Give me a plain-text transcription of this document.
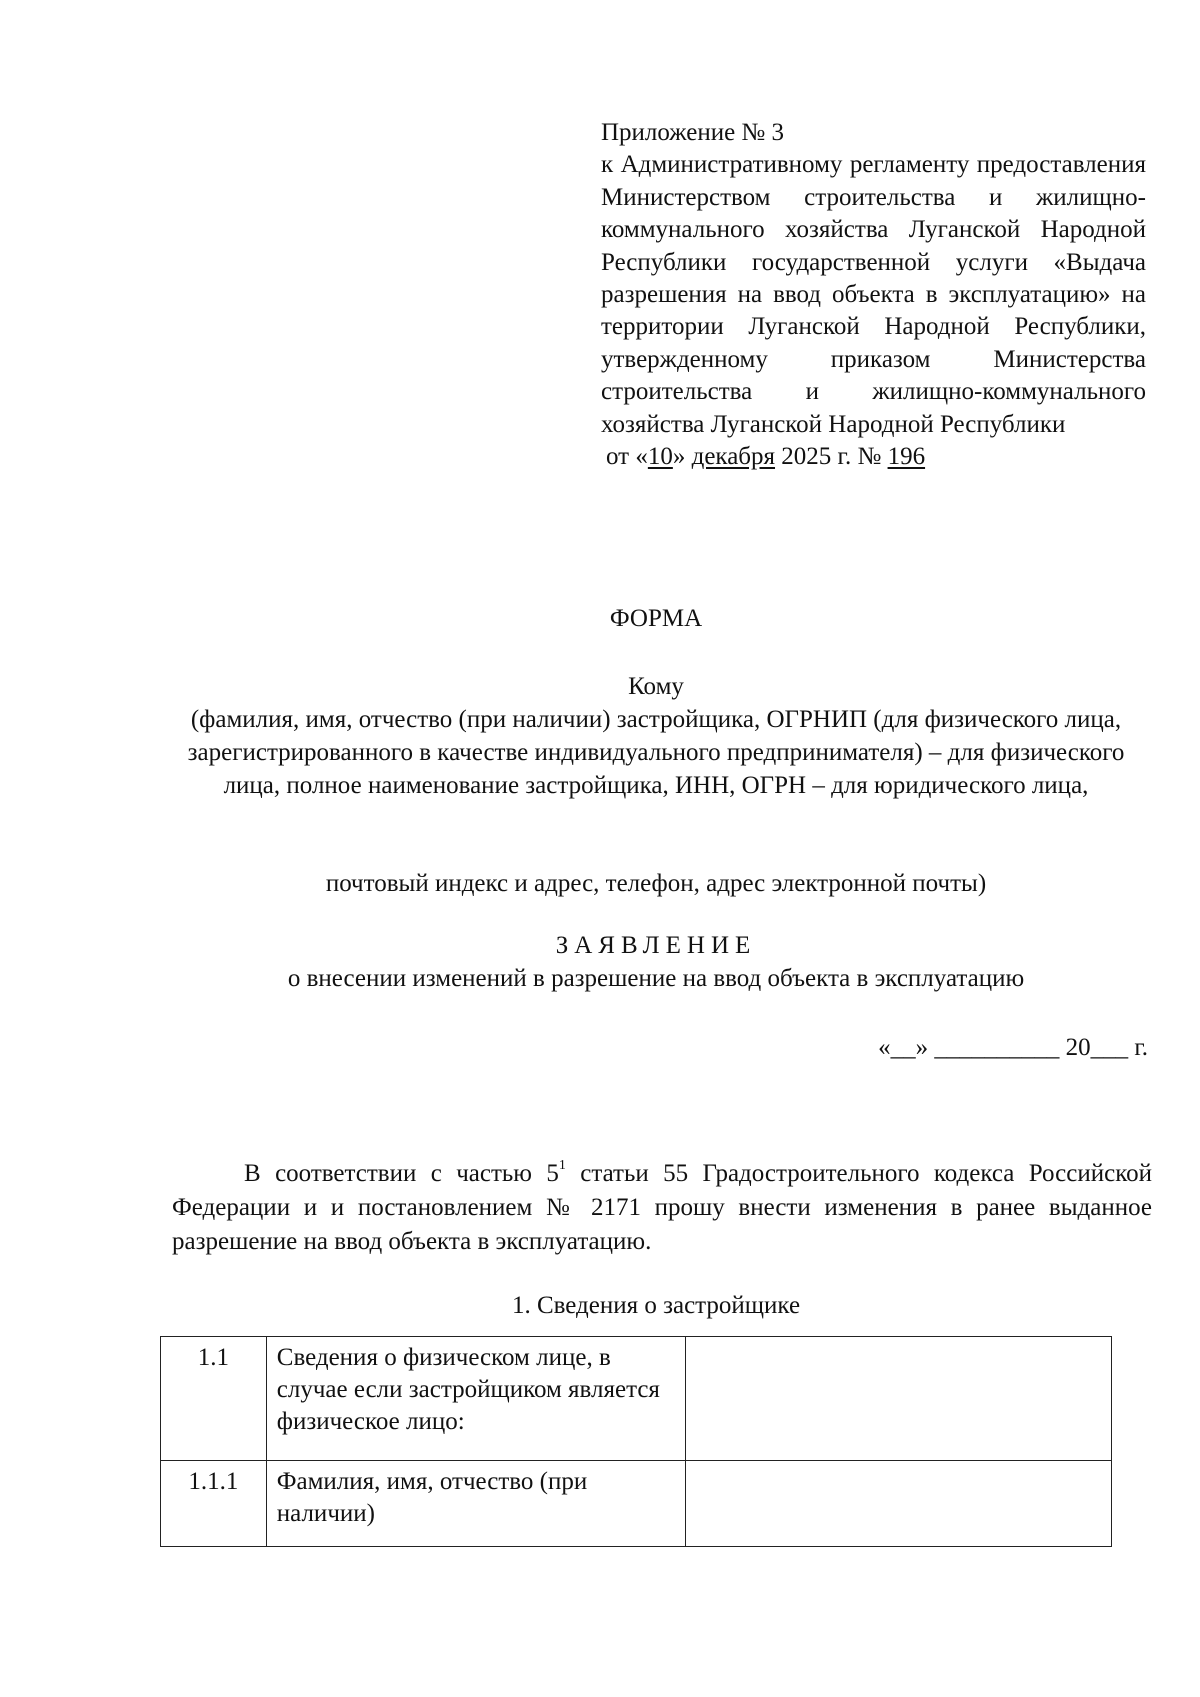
Приложение № 3

к Административному регламенту предоставления Министерством строительства и жилищно-коммунального хозяйства Луганской Народной Республики государственной услуги «Выдача разрешения на ввод объекта в эксплуатацию» на территории Луганской Народной Республики, утвержденному приказом Министерства строительства и жилищно-коммунального хозяйства Луганской Народной Республики

от «10» декабря 2025 г. № 196
ФОРМА
Кому
(фамилия, имя, отчество (при наличии) застройщика, ОГРНИП (для физического лица, зарегистрированного в качестве индивидуального предпринимателя) – для физического лица, полное наименование застройщика, ИНН, ОГРН – для юридического лица,
почтовый индекс и адрес, телефон, адрес электронной почты)
ЗАЯВЛЕНИЕ
о внесении изменений в разрешение на ввод объекта в эксплуатацию
«__» __________ 20___ г.

В соответствии с частью $5^1$ статьи 55 Градостроительного кодекса Российской Федерации и и постановлением № 2171 прошу внести изменения в ранее выданное разрешение на ввод объекта в эксплуатацию.

1. Сведения о застройщике
1.1	Сведения о физическом лице, в случае если застройщиком является физическое лицо:	
1.1.1	Фамилия, имя, отчество (при наличии)	
